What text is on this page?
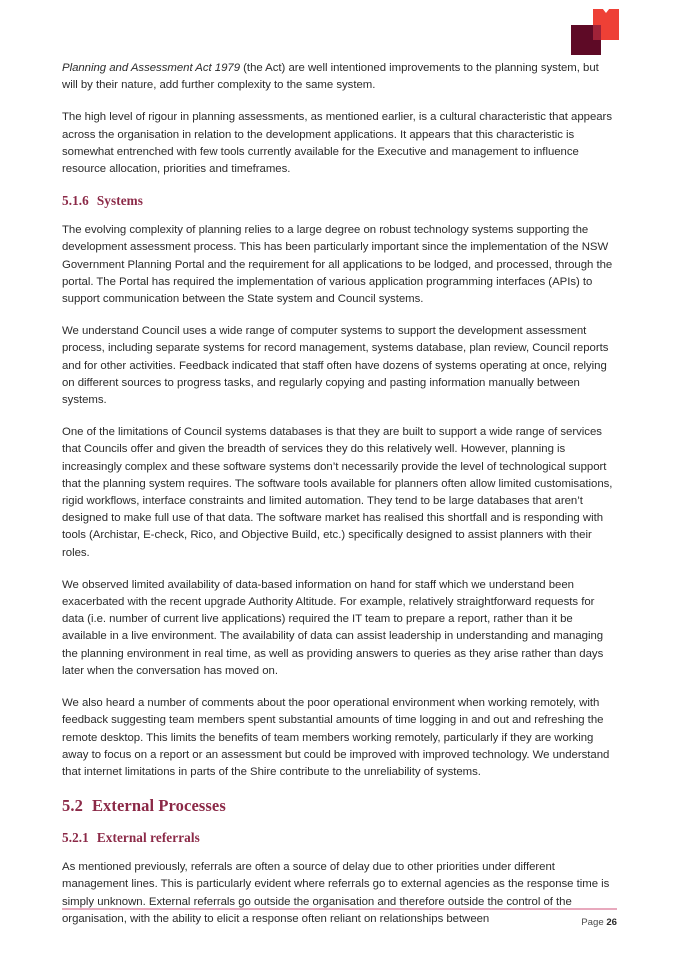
Planning and Assessment Act 1979 (the Act) are well intentioned improvements to the planning system, but will by their nature, add further complexity to the same system.

The high level of rigour in planning assessments, as mentioned earlier, is a cultural characteristic that appears across the organisation in relation to the development applications. It appears that this characteristic is somewhat entrenched with few tools currently available for the Executive and management to influence resource allocation, priorities and timeframes.

5.1.6 Systems

The evolving complexity of planning relies to a large degree on robust technology systems supporting the development assessment process. This has been particularly important since the implementation of the NSW Government Planning Portal and the requirement for all applications to be lodged, and processed, through the portal. The Portal has required the implementation of various application programming interfaces (APIs) to support communication between the State system and Council systems.

We understand Council uses a wide range of computer systems to support the development assessment process, including separate systems for record management, systems database, plan review, Council reports and for other activities. Feedback indicated that staff often have dozens of systems operating at once, relying on different sources to progress tasks, and regularly copying and pasting information manually between systems.

One of the limitations of Council systems databases is that they are built to support a wide range of services that Councils offer and given the breadth of services they do this relatively well. However, planning is increasingly complex and these software systems don’t necessarily provide the level of technological support that the planning system requires. The software tools available for planners often allow limited customisations, rigid workflows, interface constraints and limited automation. They tend to be large databases that aren’t designed to make full use of that data. The software market has realised this shortfall and is responding with tools (Archistar, E-check, Rico, and Objective Build, etc.) specifically designed to assist planners with their roles.

We observed limited availability of data-based information on hand for staff which we understand been exacerbated with the recent upgrade Authority Altitude. For example, relatively straightforward requests for data (i.e. number of current live applications) required the IT team to prepare a report, rather than it be available in a live environment. The availability of data can assist leadership in understanding and managing the planning environment in real time, as well as providing answers to queries as they arise rather than days later when the conversation has moved on.

We also heard a number of comments about the poor operational environment when working remotely, with feedback suggesting team members spent substantial amounts of time logging in and out and refreshing the remote desktop. This limits the benefits of team members working remotely, particularly if they are working away to focus on a report or an assessment but could be improved with improved technology. We understand that internet limitations in parts of the Shire contribute to the unreliability of systems.

5.2 External Processes
5.2.1 External referrals

As mentioned previously, referrals are often a source of delay due to other priorities under different management lines. This is particularly evident where referrals go to external agencies as the response time is simply unknown. External referrals go outside the organisation and therefore outside the control of the organisation, with the ability to elicit a response often reliant on relationships between	Page 26
